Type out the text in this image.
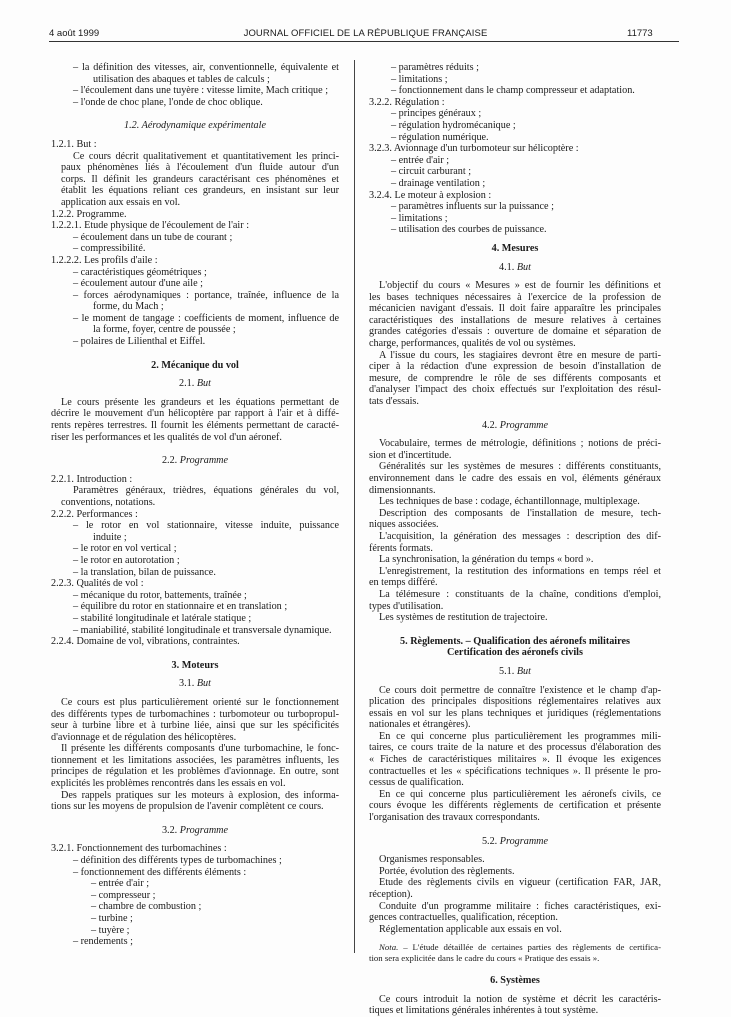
4 août 1999	JOURNAL OFFICIEL DE LA RÉPUBLIQUE FRANÇAISE	11773
– la définition des vitesses, air, conventionnelle, équivalente et
utilisation des abaques et tables de calculs ;
– l'écoulement dans une tuyère : vitesse limite, Mach critique ;
– l'onde de choc plane, l'onde de choc oblique.
1.2. Aérodynamique expérimentale
1.2.1. But :
Ce cours décrit qualitativement et quantitativement les princi-
paux phénomènes liés à l'écoulement d'un fluide autour d'un
corps. Il définit les grandeurs caractérisant ces phénomènes et
établit les équations reliant ces grandeurs, en insistant sur leur
application aux essais en vol.
1.2.2. Programme.
1.2.2.1. Etude physique de l'écoulement de l'air :
– écoulement dans un tube de courant ;
– compressibilité.
1.2.2.2. Les profils d'aile :
– caractéristiques géométriques ;
– écoulement autour d'une aile ;
– forces aérodynamiques : portance, traînée, influence de la
forme, du Mach ;
– le moment de tangage : coefficients de moment, influence de
la forme, foyer, centre de poussée ;
– polaires de Lilienthal et Eiffel.
2. Mécanique du vol
2.1. But
Le cours présente les grandeurs et les équations permettant de
décrire le mouvement d'un hélicoptère par rapport à l'air et à diffé-
rents repères terrestres. Il fournit les éléments permettant de caracté-
riser les performances et les qualités de vol d'un aéronef.
2.2. Programme
2.2.1. Introduction :
Paramètres généraux, trièdres, équations générales du vol,
conventions, notations.
2.2.2. Performances :
– le rotor en vol stationnaire, vitesse induite, puissance
induite ;
– le rotor en vol vertical ;
– le rotor en autorotation ;
– la translation, bilan de puissance.
2.2.3. Qualités de vol :
– mécanique du rotor, battements, traînée ;
– équilibre du rotor en stationnaire et en translation ;
– stabilité longitudinale et latérale statique ;
– maniabilité, stabilité longitudinale et transversale dynamique.
2.2.4. Domaine de vol, vibrations, contraintes.
3. Moteurs
3.1. But
Ce cours est plus particulièrement orienté sur le fonctionnement
des différents types de turbomachines : turbomoteur ou turbopropul-
seur à turbine libre et à turbine liée, ainsi que sur les spécificités
d'avionnage et de régulation des hélicoptères.
Il présente les différents composants d'une turbomachine, le fonc-
tionnement et les limitations associées, les paramètres influents, les
principes de régulation et les problèmes d'avionnage. En outre, sont
explicités les problèmes rencontrés dans les essais en vol.
Des rappels pratiques sur les moteurs à explosion, des informa-
tions sur les moyens de propulsion de l'avenir complètent ce cours.
3.2. Programme
3.2.1. Fonctionnement des turbomachines :
– définition des différents types de turbomachines ;
– fonctionnement des différents éléments :
– entrée d'air ;
– compresseur ;
– chambre de combustion ;
– turbine ;
– tuyère ;
– rendements ;
– paramètres réduits ;
– limitations ;
– fonctionnement dans le champ compresseur et adaptation.
3.2.2. Régulation :
– principes généraux ;
– régulation hydromécanique ;
– régulation numérique.
3.2.3. Avionnage d'un turbomoteur sur hélicoptère :
– entrée d'air ;
– circuit carburant ;
– drainage ventilation ;
3.2.4. Le moteur à explosion :
– paramètres influents sur la puissance ;
– limitations ;
– utilisation des courbes de puissance.
4. Mesures
4.1. But
L'objectif du cours « Mesures » est de fournir les définitions et
les bases techniques nécessaires à l'exercice de la profession de
mécanicien navigant d'essais. Il doit faire apparaître les principales
caractéristiques des installations de mesure relatives à certaines
grandes catégories d'essais : ouverture de domaine et séparation de
charge, performances, qualités de vol ou systèmes.
A l'issue du cours, les stagiaires devront être en mesure de parti-
ciper à la rédaction d'une expression de besoin d'installation de
mesure, de comprendre le rôle de ses différents composants et
d'analyser l'impact des choix effectués sur l'exploitation des résul-
tats d'essais.
4.2. Programme
Vocabulaire, termes de métrologie, définitions ; notions de préci-
sion et d'incertitude.
Généralités sur les systèmes de mesures : différents constituants,
environnement dans le cadre des essais en vol, éléments généraux
dimensionnants.
Les techniques de base : codage, échantillonnage, multiplexage.
Description des composants de l'installation de mesure, tech-
niques associées.
L'acquisition, la génération des messages : description des dif-
férents formats.
La synchronisation, la génération du temps « bord ».
L'enregistrement, la restitution des informations en temps réel et
en temps différé.
La télémesure : constituants de la chaîne, conditions d'emploi,
types d'utilisation.
Les systèmes de restitution de trajectoire.
5. Règlements. – Qualification des aéronefs militaires
Certification des aéronefs civils
5.1. But
Ce cours doit permettre de connaître l'existence et le champ d'ap-
plication des principales dispositions réglementaires relatives aux
essais en vol sur les plans techniques et juridiques (réglementations
nationales et étrangères).
En ce qui concerne plus particulièrement les programmes mili-
taires, ce cours traite de la nature et des processus d'élaboration des
« Fiches de caractéristiques militaires ». Il évoque les exigences
contractuelles et les « spécifications techniques ». Il présente le pro-
cessus de qualification.
En ce qui concerne plus particulièrement les aéronefs civils, ce
cours évoque les différents règlements de certification et présente
l'organisation des travaux correspondants.
5.2. Programme
Organismes responsables.
Portée, évolution des règlements.
Etude des règlements civils en vigueur (certification FAR, JAR,
réception).
Conduite d'un programme militaire : fiches caractéristiques, exi-
gences contractuelles, qualification, réception.
Réglementation applicable aux essais en vol.
Nota. – L'étude détaillée de certaines parties des règlements de certifica-
tion sera explicitée dans le cadre du cours « Pratique des essais ».
6. Systèmes
Ce cours introduit la notion de système et décrit les caractéris-
tiques et limitations générales inhérentes à tout système.
